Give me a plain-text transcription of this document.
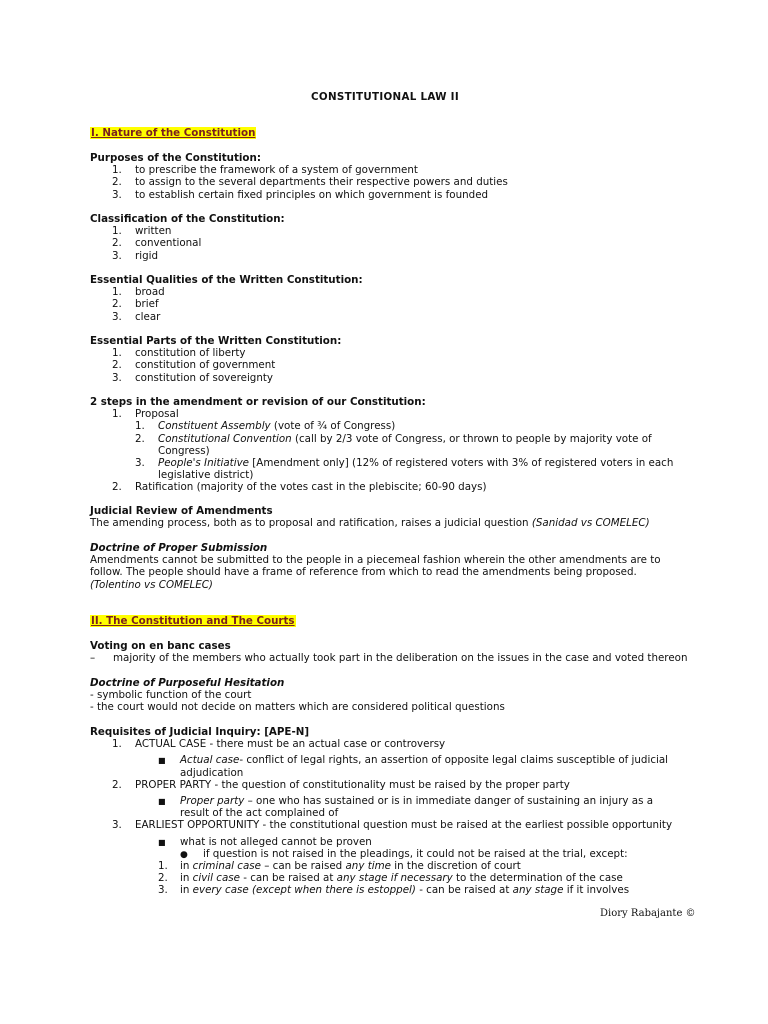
CONSTITUTIONAL LAW II
I. Nature of the Constitution
Purposes of the Constitution:
1. to prescribe the framework of a system of government
2. to assign to the several departments their respective powers and duties
3. to establish certain fixed principles on which government is founded
Classification of the Constitution:
1. written
2. conventional
3. rigid
Essential Qualities of the Written Constitution:
1. broad
2. brief
3. clear
Essential Parts of the Written Constitution:
1. constitution of liberty
2. constitution of government
3. constitution of sovereignty
2 steps in the amendment or revision of our Constitution:
1. Proposal
1. Constituent Assembly (vote of ¾ of Congress)
2. Constitutional Convention (call by 2/3 vote of Congress, or thrown to people by majority vote of
Congress)
3. People's Initiative [Amendment only] (12% of registered voters with 3% of registered voters in each
legislative district)
2. Ratification (majority of the votes cast in the plebiscite; 60-90 days)
Judicial Review of Amendments
The amending process, both as to proposal and ratification, raises a judicial question (Sanidad vs COMELEC)
Doctrine of Proper Submission
Amendments cannot be submitted to the people in a piecemeal fashion wherein the other amendments are to
follow. The people should have a frame of reference from which to read the amendments being proposed.
(Tolentino vs COMELEC)
II. The Constitution and The Courts
Voting on en banc cases
– majority of the members who actually took part in the deliberation on the issues in the case and voted thereon
Doctrine of Purposeful Hesitation
- symbolic function of the court
- the court would not decide on matters which are considered political questions
Requisites of Judicial Inquiry: [APE-N]
1. ACTUAL CASE - there must be an actual case or controversy
■ Actual case- conflict of legal rights, an assertion of opposite legal claims susceptible of judicial
adjudication
2. PROPER PARTY - the question of constitutionality must be raised by the proper party
■ Proper party – one who has sustained or is in immediate danger of sustaining an injury as a
result of the act complained of
3. EARLIEST OPPORTUNITY - the constitutional question must be raised at the earliest possible opportunity
■ what is not alleged cannot be proven
● if question is not raised in the pleadings, it could not be raised at the trial, except:
1. in criminal case – can be raised any time in the discretion of court
2. in civil case - can be raised at any stage if necessary to the determination of the case
3. in every case (except when there is estoppel) - can be raised at any stage if it involves
Diory Rabajante ©
